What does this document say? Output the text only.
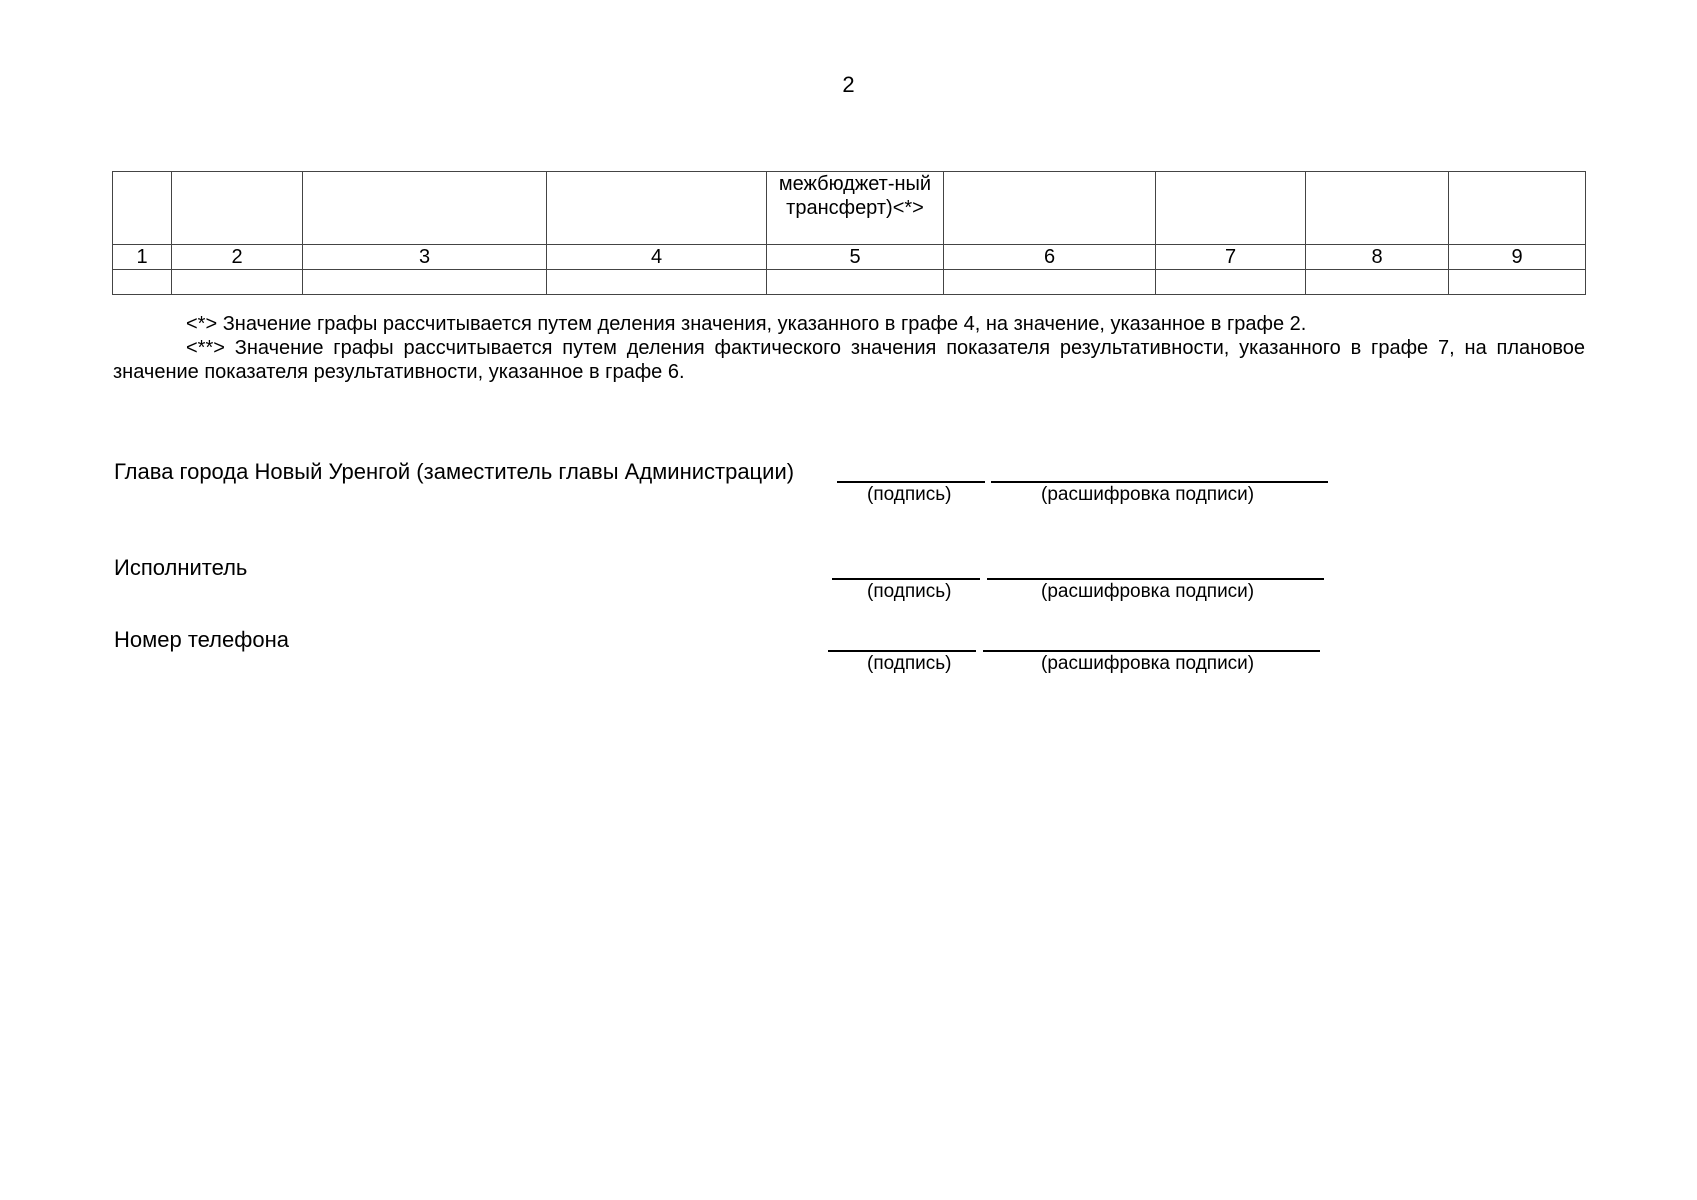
2
				межбюджет-ный трансферт)<*>				
1	2	3	4	5	6	7	8	9

<*> Значение графы рассчитывается путем деления значения, указанного в графе 4, на значение, указанное в графе 2.

<**> Значение графы рассчитывается путем деления фактического значения показателя результативности, указанного в графе 7, на плановое значение показателя результативности, указанное в графе 6.

Глава города Новый Уренгой (заместитель главы Администрации)
(подпись)	(расшифровка подписи)
Исполнитель
(подпись)	(расшифровка подписи)
Номер телефона
(подпись)	(расшифровка подписи)
